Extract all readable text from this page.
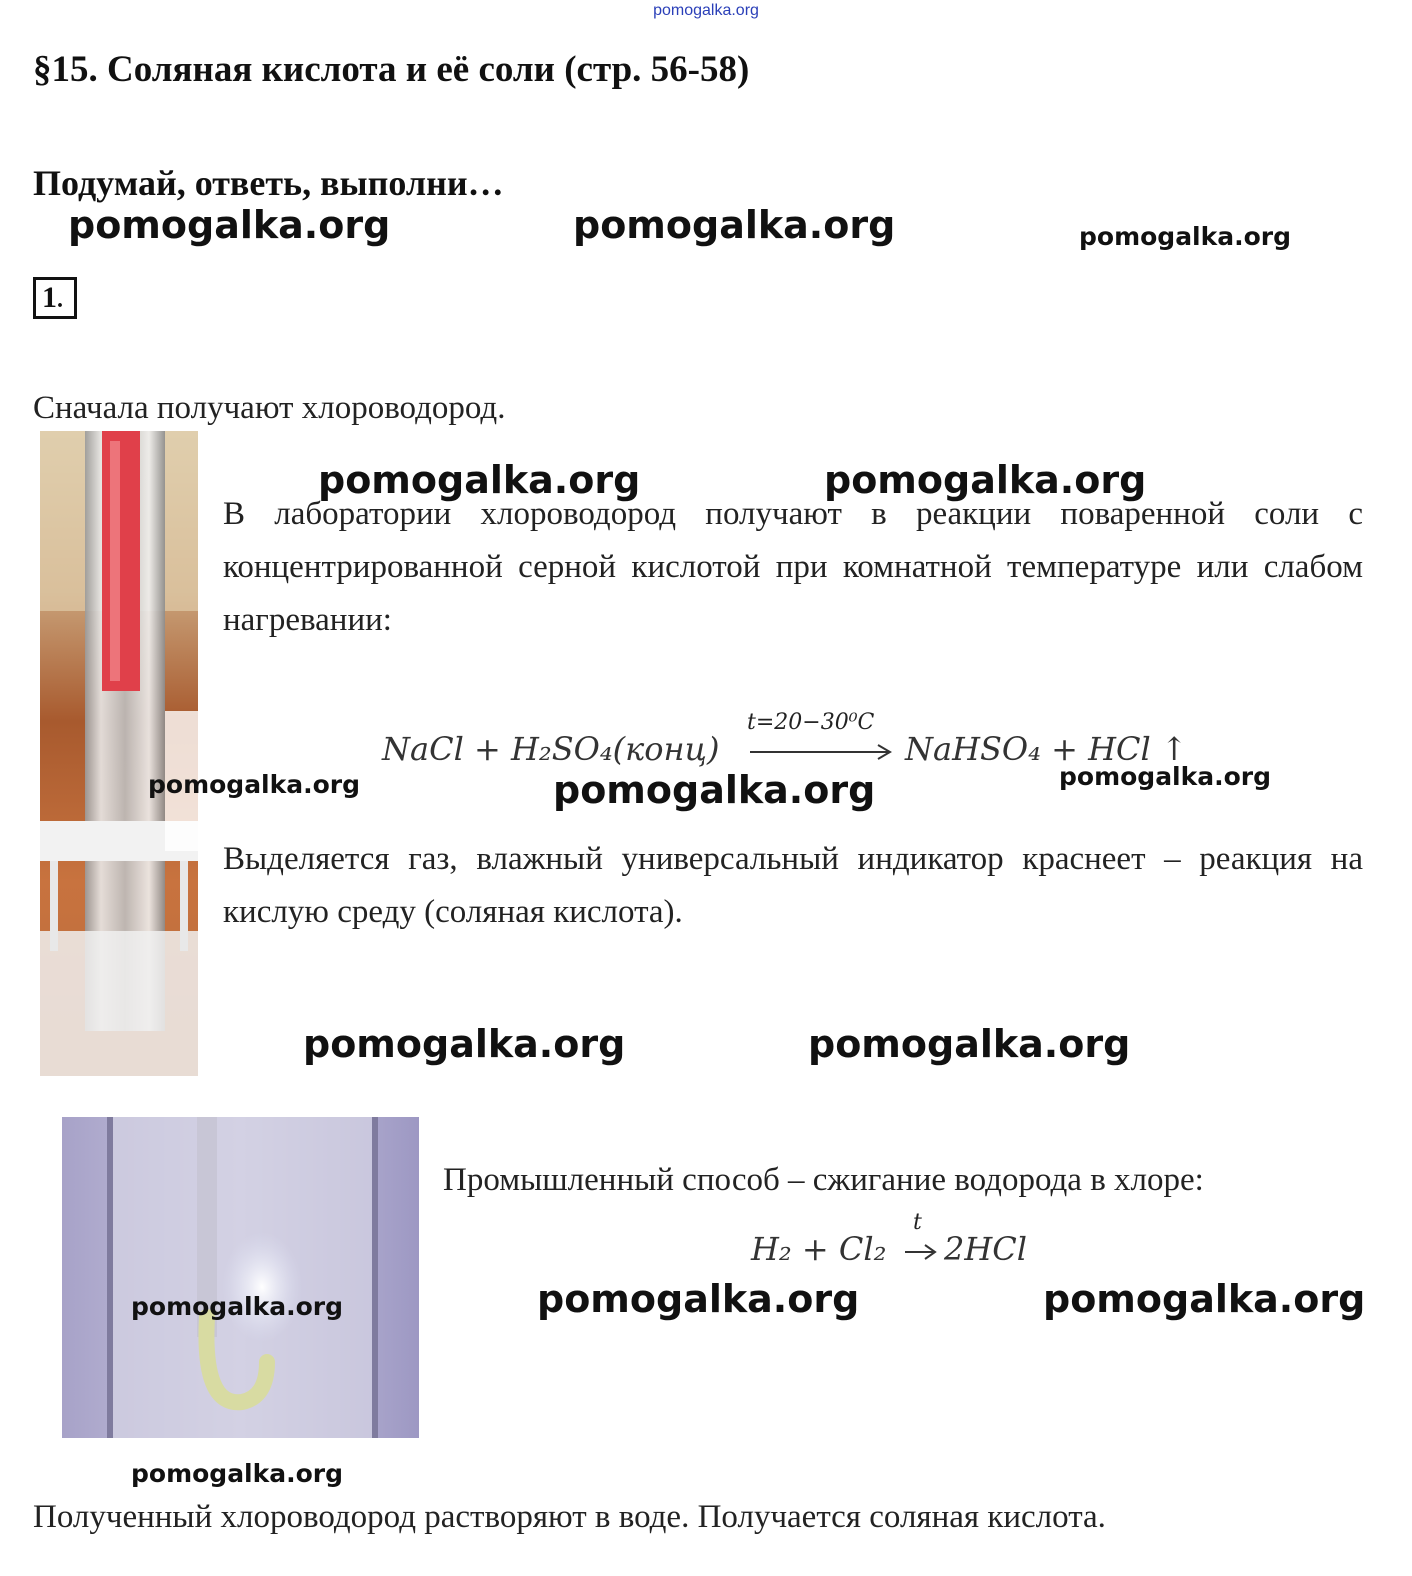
pomogalka.org
§15. Соляная кислота и её соли (стр. 56-58)
Подумай, ответь, выполни…
pomogalka.org	pomogalka.org	pomogalka.org
1.
Сначала получают хлороводород.
pomogalka.org	pomogalka.org
В лаборатории хлороводород получают в реакции поваренной соли с концентрированной серной кислотой при комнатной температуре или слабом нагревании:
NaCl + H₂SO₄(конц)
t=20−30⁰C
NaHSO₄ + HCl ↑
pomogalka.org	pomogalka.org	pomogalka.org
Выделяется газ, влажный универсальный индикатор краснеет – реакция на кислую среду (соляная кислота).
pomogalka.org	pomogalka.org
Промышленный способ – сжигание водорода в хлоре:
H₂ + Cl₂
t
→ 2HCl
pomogalka.org	pomogalka.org	pomogalka.org
pomogalka.org
Полученный хлороводород растворяют в воде. Получается соляная кислота.
